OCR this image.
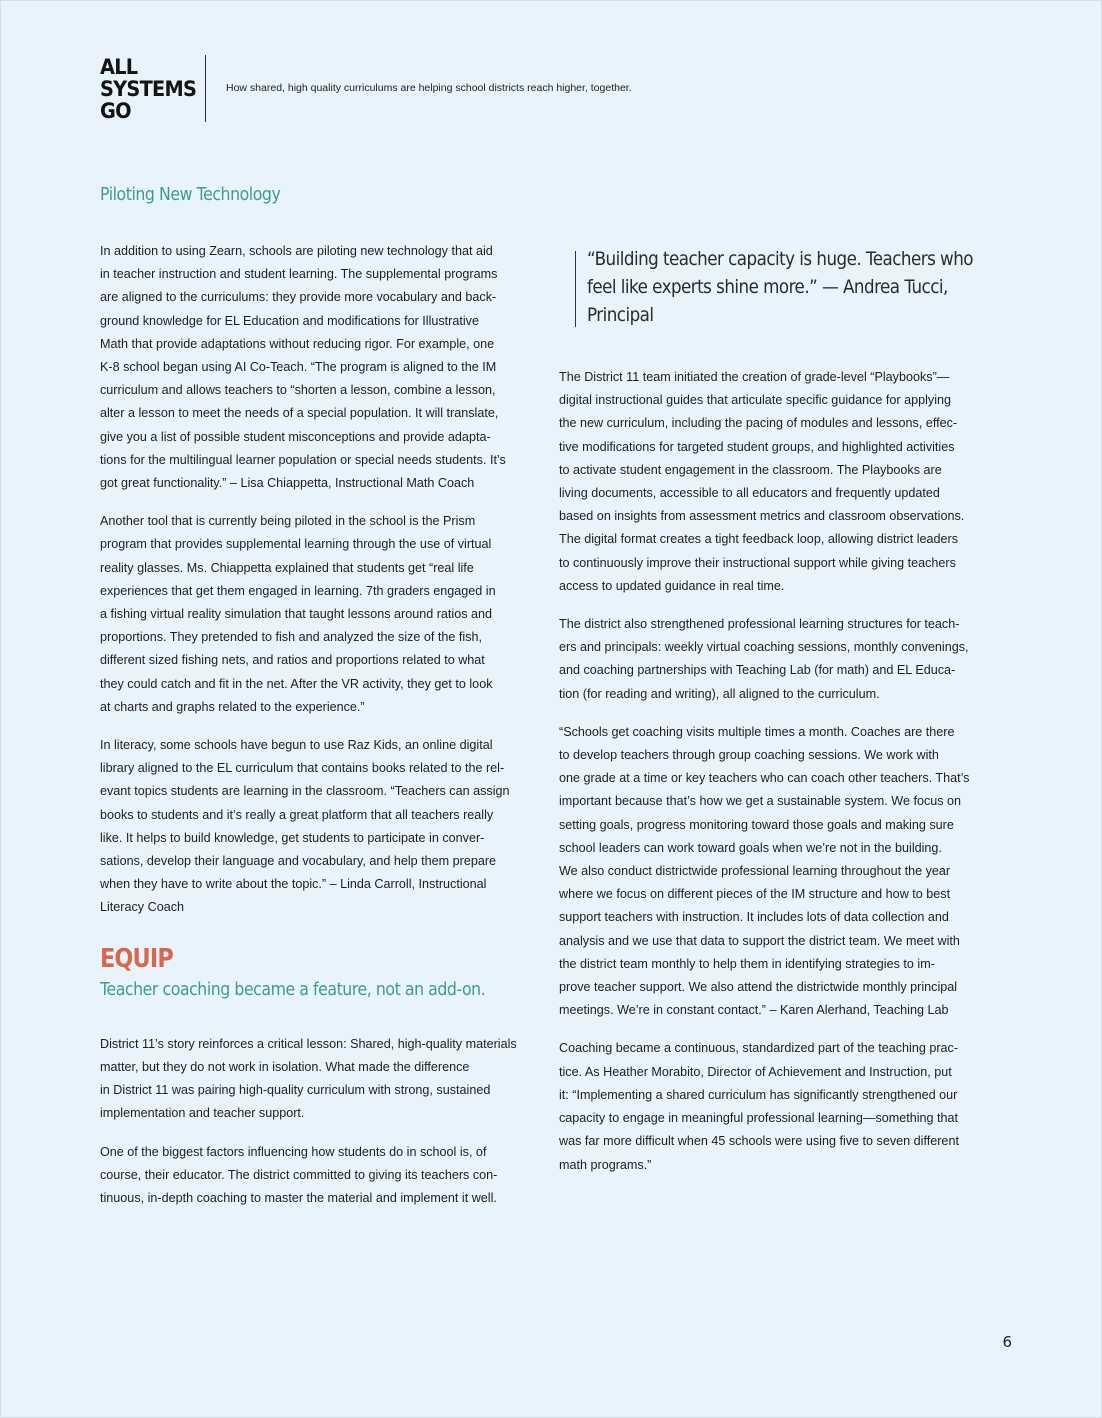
ALL
SYSTEMS
GO
How shared, high quality curriculums are helping school districts reach higher, together.
Piloting New Technology

In addition to using Zearn, schools are piloting new technology that aid
in teacher instruction and student learning. The supplemental programs
are aligned to the curriculums: they provide more vocabulary and back-
ground knowledge for EL Education and modifications for Illustrative
Math that provide adaptations without reducing rigor. For example, one
K-8 school began using AI Co-Teach. “The program is aligned to the IM
curriculum and allows teachers to “shorten a lesson, combine a lesson,
alter a lesson to meet the needs of a special population. It will translate,
give you a list of possible student misconceptions and provide adapta-
tions for the multilingual learner population or special needs students. It’s
got great functionality.” – Lisa Chiappetta, Instructional Math Coach

Another tool that is currently being piloted in the school is the Prism
program that provides supplemental learning through the use of virtual
reality glasses. Ms. Chiappetta explained that students get “real life
experiences that get them engaged in learning. 7th graders engaged in
a fishing virtual reality simulation that taught lessons around ratios and
proportions. They pretended to fish and analyzed the size of the fish,
different sized fishing nets, and ratios and proportions related to what
they could catch and fit in the net. After the VR activity, they get to look
at charts and graphs related to the experience.”

In literacy, some schools have begun to use Raz Kids, an online digital
library aligned to the EL curriculum that contains books related to the rel-
evant topics students are learning in the classroom. “Teachers can assign
books to students and it’s really a great platform that all teachers really
like. It helps to build knowledge, get students to participate in conver-
sations, develop their language and vocabulary, and help them prepare
when they have to write about the topic.” – Linda Carroll, Instructional
Literacy Coach

EQUIP
Teacher coaching became a feature, not an add-on.

District 11’s story reinforces a critical lesson: Shared, high-quality materials
matter, but they do not work in isolation. What made the difference
in District 11 was pairing high-quality curriculum with strong, sustained
implementation and teacher support.

One of the biggest factors influencing how students do in school is, of
course, their educator. The district committed to giving its teachers con-
tinuous, in-depth coaching to master the material and implement it well.

“Building teacher capacity is huge. Teachers who
feel like experts shine more.” — Andrea Tucci,
Principal

The District 11 team initiated the creation of grade-level “Playbooks”—
digital instructional guides that articulate specific guidance for applying
the new curriculum, including the pacing of modules and lessons, effec-
tive modifications for targeted student groups, and highlighted activities
to activate student engagement in the classroom. The Playbooks are
living documents, accessible to all educators and frequently updated
based on insights from assessment metrics and classroom observations.
The digital format creates a tight feedback loop, allowing district leaders
to continuously improve their instructional support while giving teachers
access to updated guidance in real time.

The district also strengthened professional learning structures for teach-
ers and principals: weekly virtual coaching sessions, monthly convenings,
and coaching partnerships with Teaching Lab (for math) and EL Educa-
tion (for reading and writing), all aligned to the curriculum.

“Schools get coaching visits multiple times a month. Coaches are there
to develop teachers through group coaching sessions. We work with
one grade at a time or key teachers who can coach other teachers. That’s
important because that’s how we get a sustainable system. We focus on
setting goals, progress monitoring toward those goals and making sure
school leaders can work toward goals when we’re not in the building.
We also conduct districtwide professional learning throughout the year
where we focus on different pieces of the IM structure and how to best
support teachers with instruction. It includes lots of data collection and
analysis and we use that data to support the district team. We meet with
the district team monthly to help them in identifying strategies to im-
prove teacher support. We also attend the districtwide monthly principal
meetings. We’re in constant contact.” – Karen Alerhand, Teaching Lab

Coaching became a continuous, standardized part of the teaching prac-
tice. As Heather Morabito, Director of Achievement and Instruction, put
it: “Implementing a shared curriculum has significantly strengthened our
capacity to engage in meaningful professional learning—something that
was far more difficult when 45 schools were using five to seven different
math programs.”

6
